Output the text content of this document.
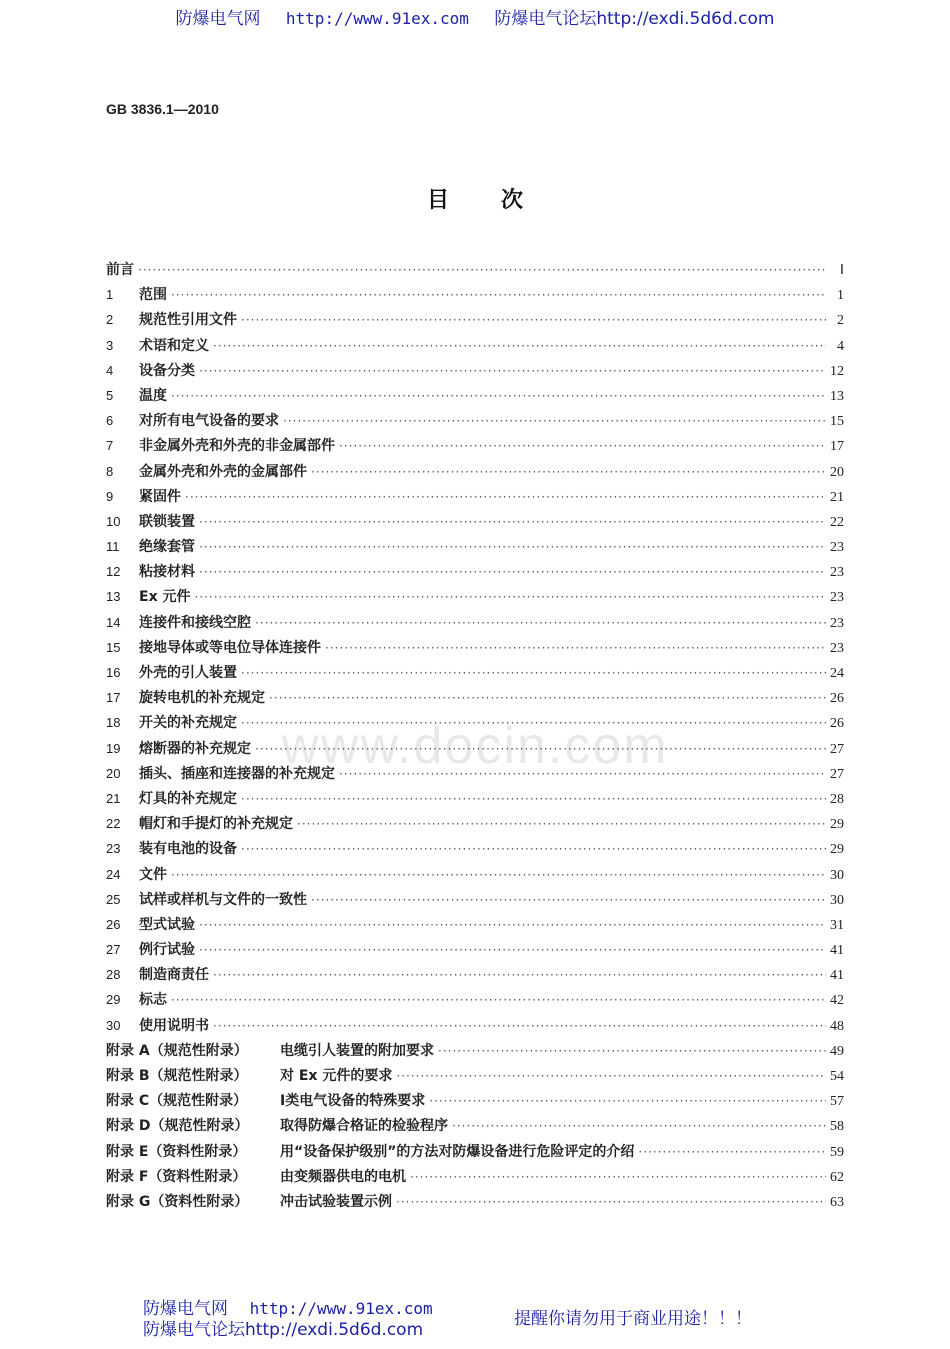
防爆电气网 http://www.91ex.com 防爆电气论坛http://exdi.5d6d.com
GB 3836.1—2010
目次
www.docin.com
前言 ·····	Ⅰ
1	范围 ·····	1
2	规范性引用文件 ·····	2
3	术语和定义 ·····	4
4	设备分类 ·····	12
5	温度 ·····	13
6	对所有电气设备的要求 ·····	15
7	非金属外壳和外壳的非金属部件 ·····	17
8	金属外壳和外壳的金属部件 ·····	20
9	紧固件 ·····	21
10	联锁装置 ·····	22
11	绝缘套管 ·····	23
12	粘接材料 ·····	23
13	Ex 元件 ·····	23
14	连接件和接线空腔 ·····	23
15	接地导体或等电位导体连接件 ·····	23
16	外壳的引人装置 ·····	24
17	旋转电机的补充规定 ·····	26
18	开关的补充规定 ·····	26
19	熔断器的补充规定 ·····	27
20	插头、插座和连接器的补充规定 ·····	27
21	灯具的补充规定 ·····	28
22	帽灯和手提灯的补充规定 ·····	29
23	装有电池的设备 ·····	29
24	文件 ·····	30
25	试样或样机与文件的一致性 ·····	30
26	型式试验 ·····	31
27	例行试验 ·····	41
28	制造商责任 ·····	41
29	标志 ·····	42
30	使用说明书 ·····	48
附录 A（规范性附录）	电缆引人装置的附加要求 ·····	49
附录 B（规范性附录）	对 Ex 元件的要求 ·····	54
附录 C（规范性附录）	Ⅰ类电气设备的特殊要求 ·····	57
附录 D（规范性附录）	取得防爆合格证的检验程序 ·····	58
附录 E（资料性附录）	用“设备保护级别”的方法对防爆设备进行危险评定的介绍 ·····	59
附录 F（资料性附录）	由变频器供电的电机 ·····	62
附录 G（资料性附录）	冲击试验装置示例 ·····	63
防爆电气网 http://www.91ex.com
防爆电气论坛http://exdi.5d6d.com
提醒你请勿用于商业用途！！！
